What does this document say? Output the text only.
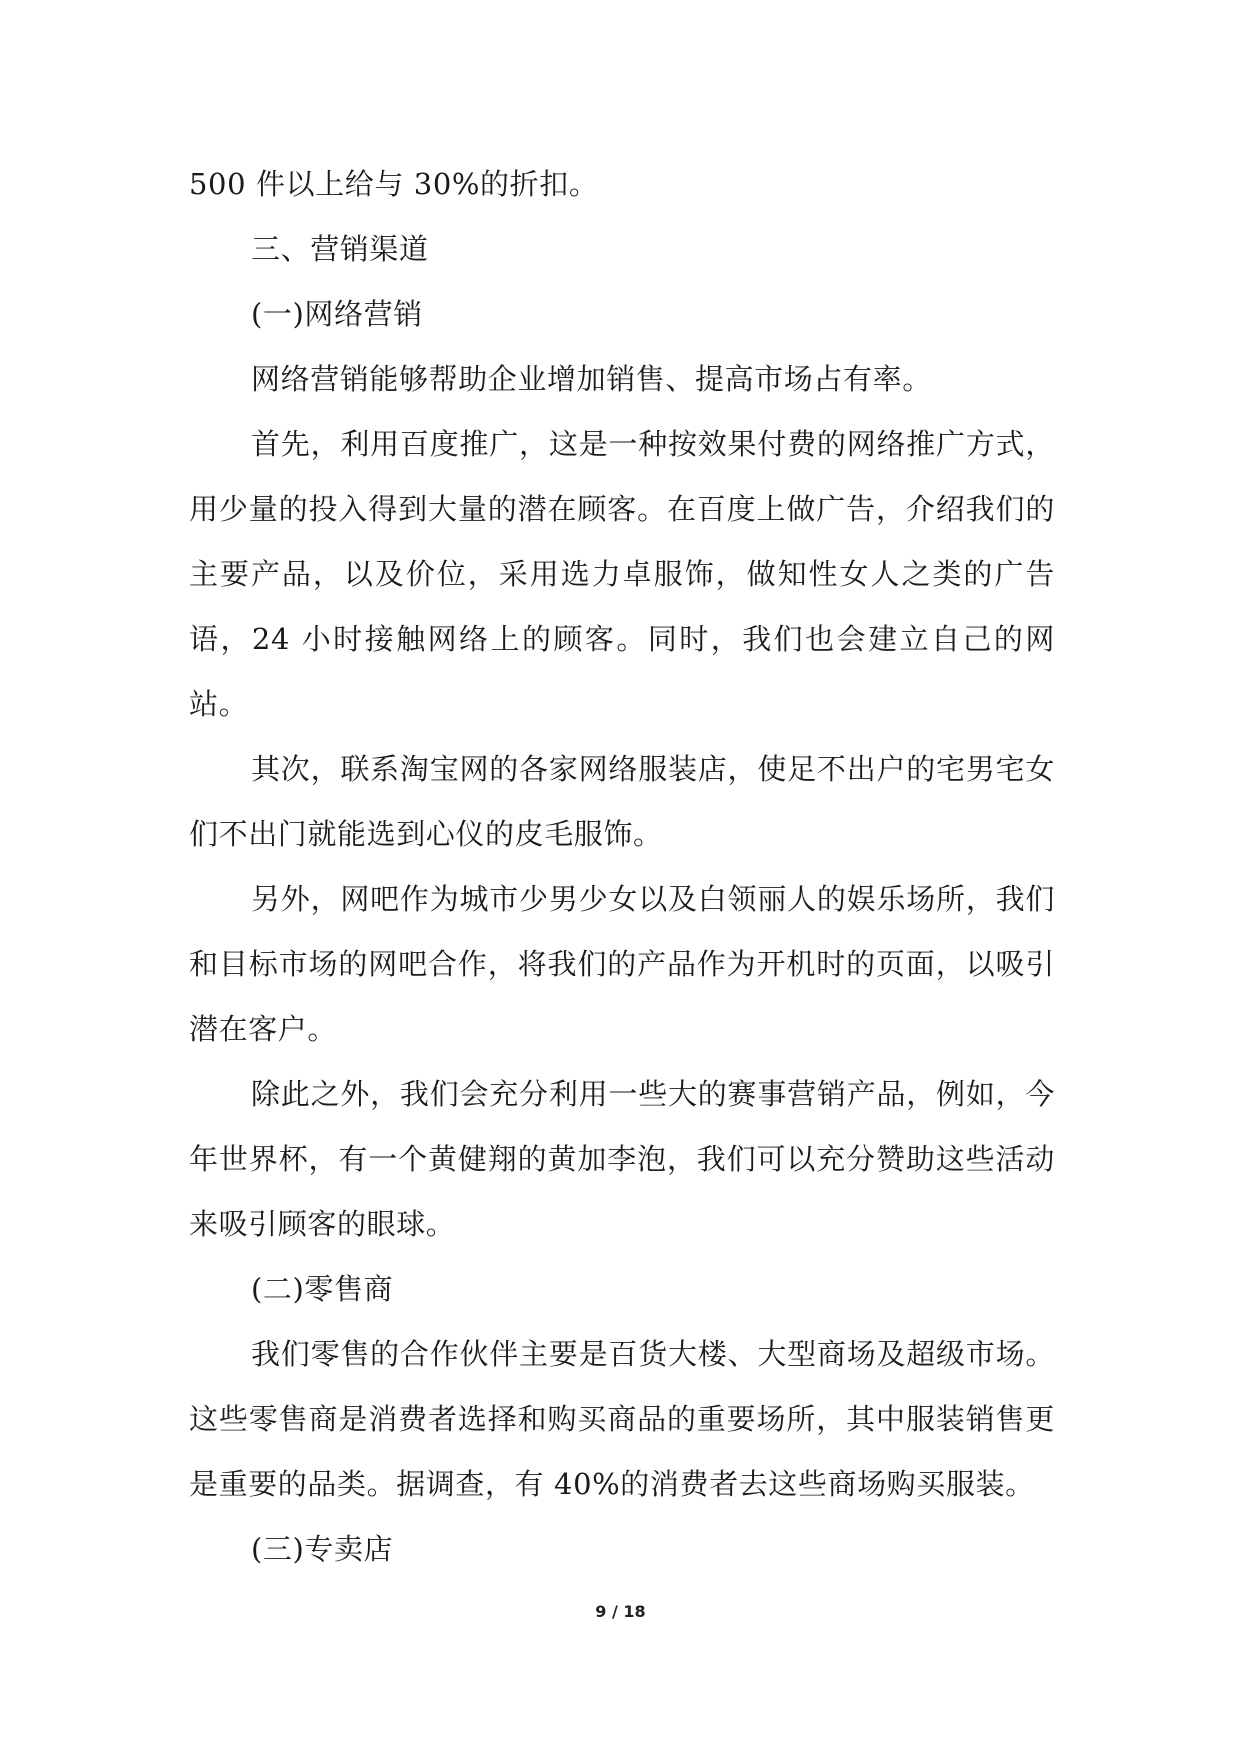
500 件以上给与 30%的折扣。

三、营销渠道

(一)网络营销

网络营销能够帮助企业增加销售、提高市场占有率。

首先，利用百度推广，这是一种按效果付费的网络推广方式，用少量的投入得到大量的潜在顾客。在百度上做广告，介绍我们的主要产品，以及价位，采用选力卓服饰，做知性女人之类的广告语，24 小时接触网络上的顾客。同时，我们也会建立自己的网站。

其次，联系淘宝网的各家网络服装店，使足不出户的宅男宅女们不出门就能选到心仪的皮毛服饰。

另外，网吧作为城市少男少女以及白领丽人的娱乐场所，我们和目标市场的网吧合作，将我们的产品作为开机时的页面，以吸引潜在客户。

除此之外，我们会充分利用一些大的赛事营销产品，例如，今年世界杯，有一个黄健翔的黄加李泡，我们可以充分赞助这些活动来吸引顾客的眼球。

(二)零售商

我们零售的合作伙伴主要是百货大楼、大型商场及超级市场。这些零售商是消费者选择和购买商品的重要场所，其中服装销售更是重要的品类。据调查，有 40%的消费者去这些商场购买服装。

(三)专卖店

9 / 18
